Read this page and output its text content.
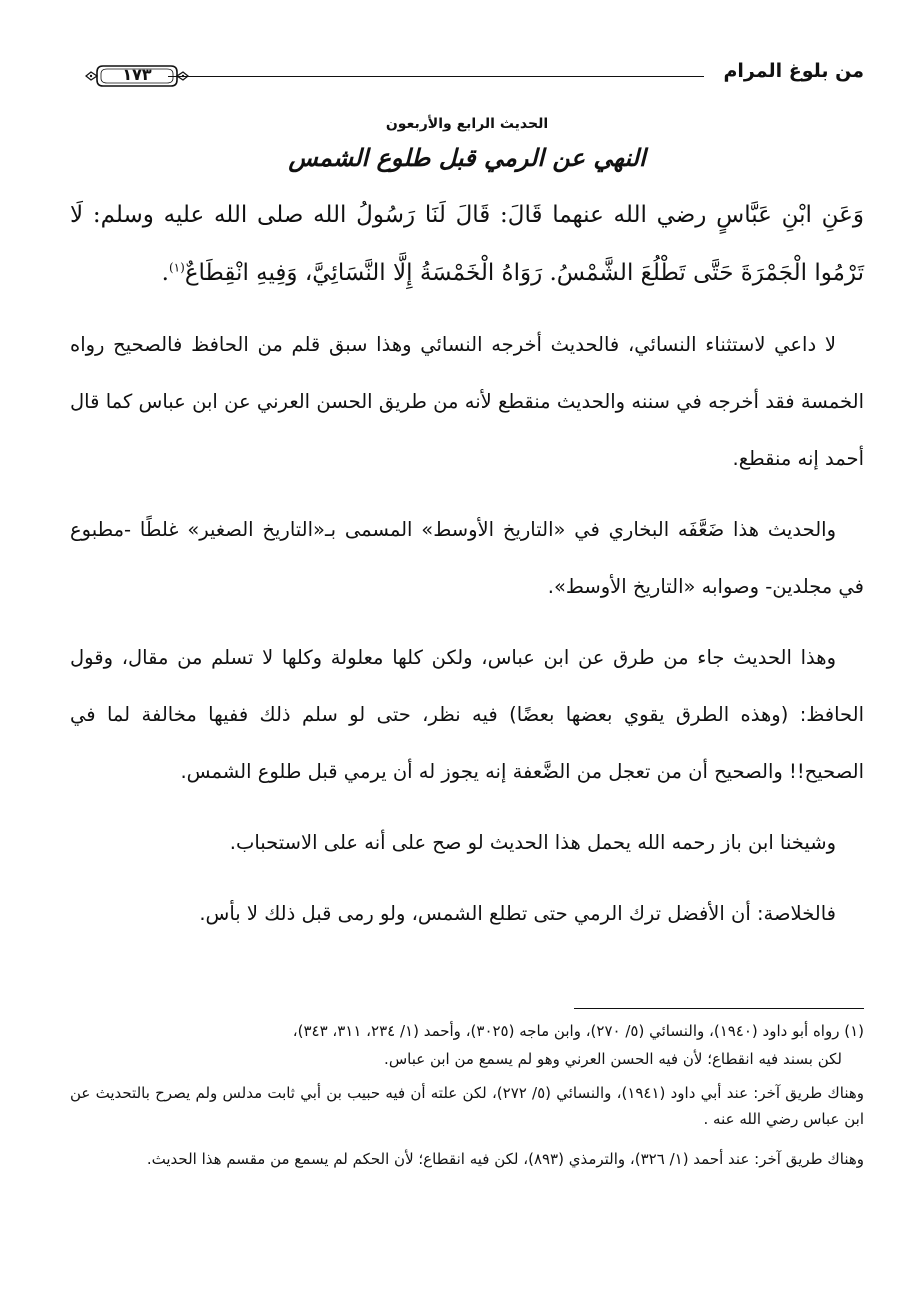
من بلوغ المرام
١٧٣
الحديث الرابع والأربعون
النهي عن الرمي قبل طلوع الشمس
وَعَنِ ابْنِ عَبَّاسٍ رضي الله عنهما قَالَ: قَالَ لَنَا رَسُولُ الله صلى الله عليه وسلم: لَا تَرْمُوا الْجَمْرَةَ حَتَّى تَطْلُعَ الشَّمْسُ. رَوَاهُ الْخَمْسَةُ إِلَّا النَّسَائِيَّ، وَفِيهِ انْقِطَاعٌ$^{(١)}$.
لا داعي لاستثناء النسائي، فالحديث أخرجه النسائي وهذا سبق قلم من الحافظ فالصحيح رواه الخمسة فقد أخرجه في سننه والحديث منقطع لأنه من طريق الحسن العرني عن ابن عباس كما قال أحمد إنه منقطع.
والحديث هذا ضَعَّفَه البخاري في «التاريخ الأوسط» المسمى بـ«التاريخ الصغير» غلطًا -مطبوع في مجلدين- وصوابه «التاريخ الأوسط».
وهذا الحديث جاء من طرق عن ابن عباس، ولكن كلها معلولة وكلها لا تسلم من مقال، وقول الحافظ: (وهذه الطرق يقوي بعضها بعضًا) فيه نظر، حتى لو سلم ذلك ففيها مخالفة لما في الصحيح!! والصحيح أن من تعجل من الضَّعفة إنه يجوز له أن يرمي قبل طلوع الشمس.
وشيخنا ابن باز رحمه الله يحمل هذا الحديث لو صح على أنه على الاستحباب.
فالخلاصة: أن الأفضل ترك الرمي حتى تطلع الشمس، ولو رمى قبل ذلك لا بأس.

(١) رواه أبو داود (١٩٤٠)، والنسائي (٥/ ٢٧٠)، وابن ماجه (٣٠٢٥)، وأحمد (١/ ٢٣٤، ٣١١، ٣٤٣)،

لكن بسند فيه انقطاع؛ لأن فيه الحسن العرني وهو لم يسمع من ابن عباس.

وهناك طريق آخر: عند أبي داود (١٩٤١)، والنسائي (٥/ ٢٧٢)، لكن علته أن فيه حبيب بن أبي ثابت مدلس ولم يصرح بالتحديث عن ابن عباس رضي الله عنه .

وهناك طريق آخر: عند أحمد (١/ ٣٢٦)، والترمذي (٨٩٣)، لكن فيه انقطاع؛ لأن الحكم لم يسمع من مقسم هذا الحديث.
